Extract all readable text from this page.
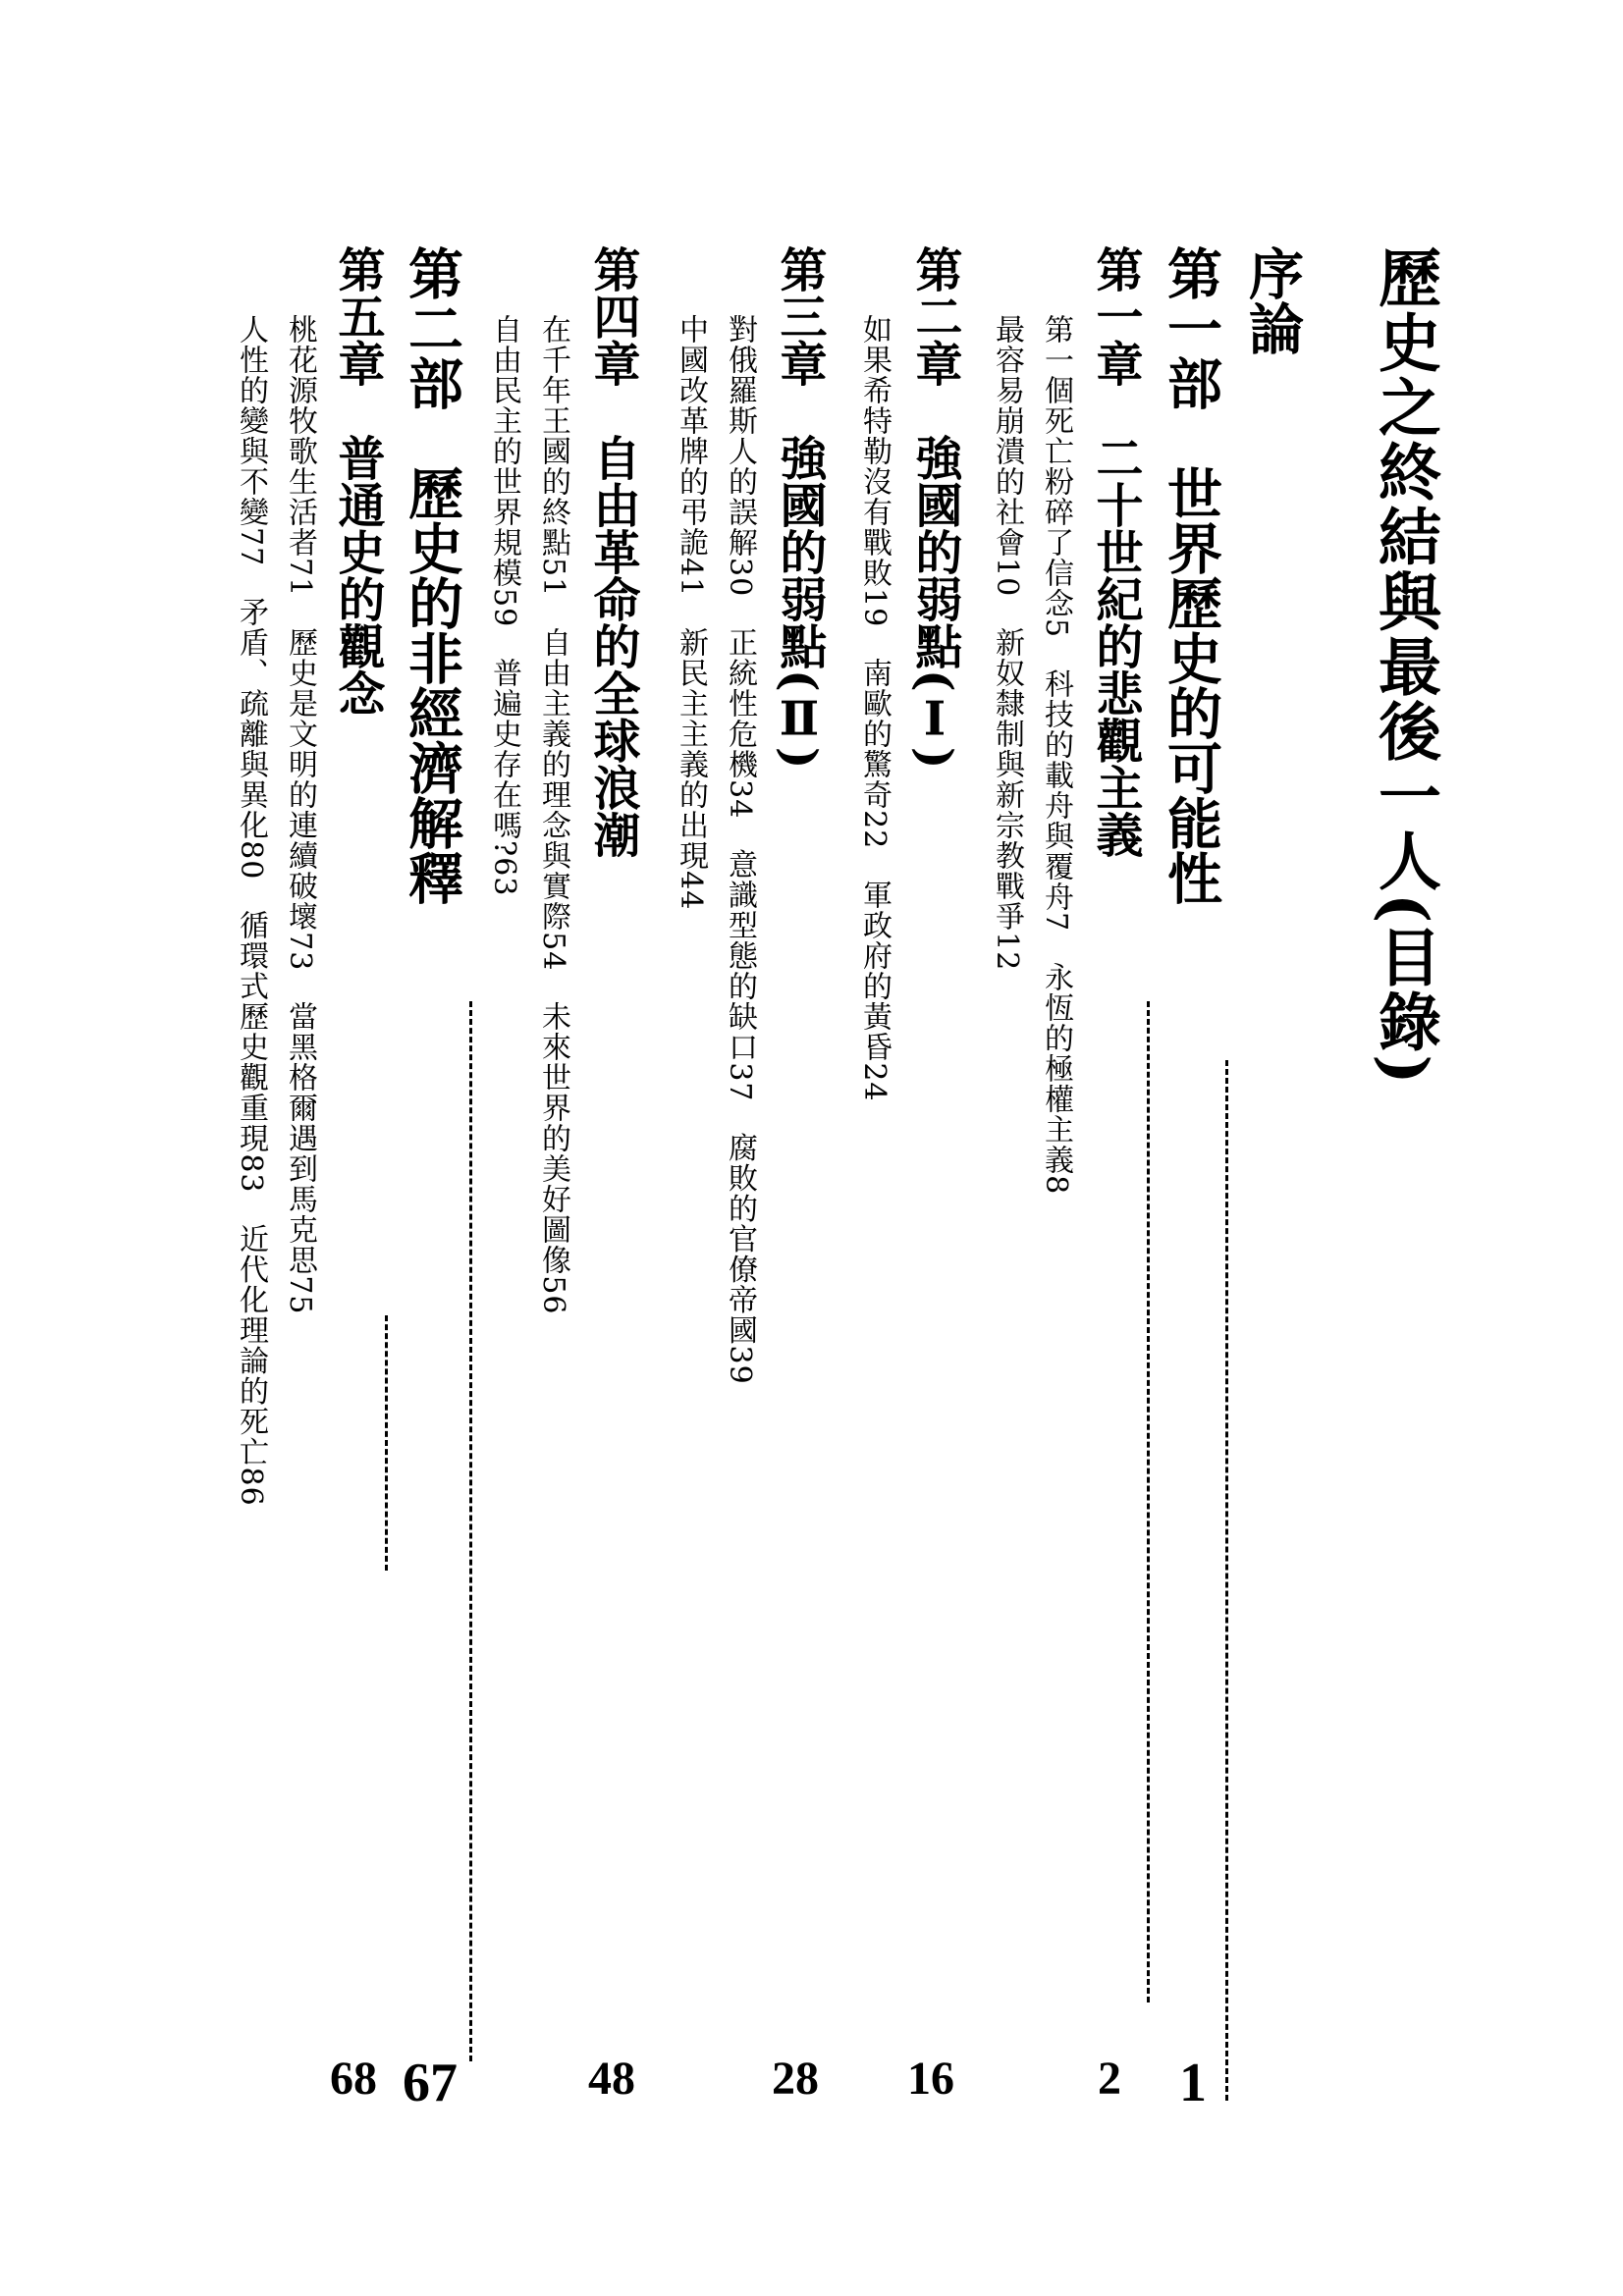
歷史之終結與最後一人(目錄)
序論
第一部　世界歷史的可能性
1
第一章　二十世紀的悲觀主義
第一個死亡粉碎了信念5　科技的載舟與覆舟7　永恆的極權主義8
最容易崩潰的社會10　新奴隸制與新宗教戰爭12
2
第二章　強國的弱點(Ⅰ)
如果希特勒沒有戰敗19　南歐的驚奇22　軍政府的黃昏24
16
第三章　強國的弱點(Ⅱ)
對俄羅斯人的誤解30　正統性危機34　意識型態的缺口37　腐敗的官僚帝國39
中國改革牌的弔詭41　新民主主義的出現44
28
第四章　自由革命的全球浪潮
在千年王國的終點51　自由主義的理念與實際54　未來世界的美好圖像56
自由民主的世界規模59　普遍史存在嗎?63
48
第二部　歷史的非經濟解釋
67
第五章　普通史的觀念
桃花源牧歌生活者71　歷史是文明的連續破壞73　當黑格爾遇到馬克思75
人性的變與不變77　矛盾、疏離與異化80　循環式歷史觀重現83　近代化理論的死亡86
68
